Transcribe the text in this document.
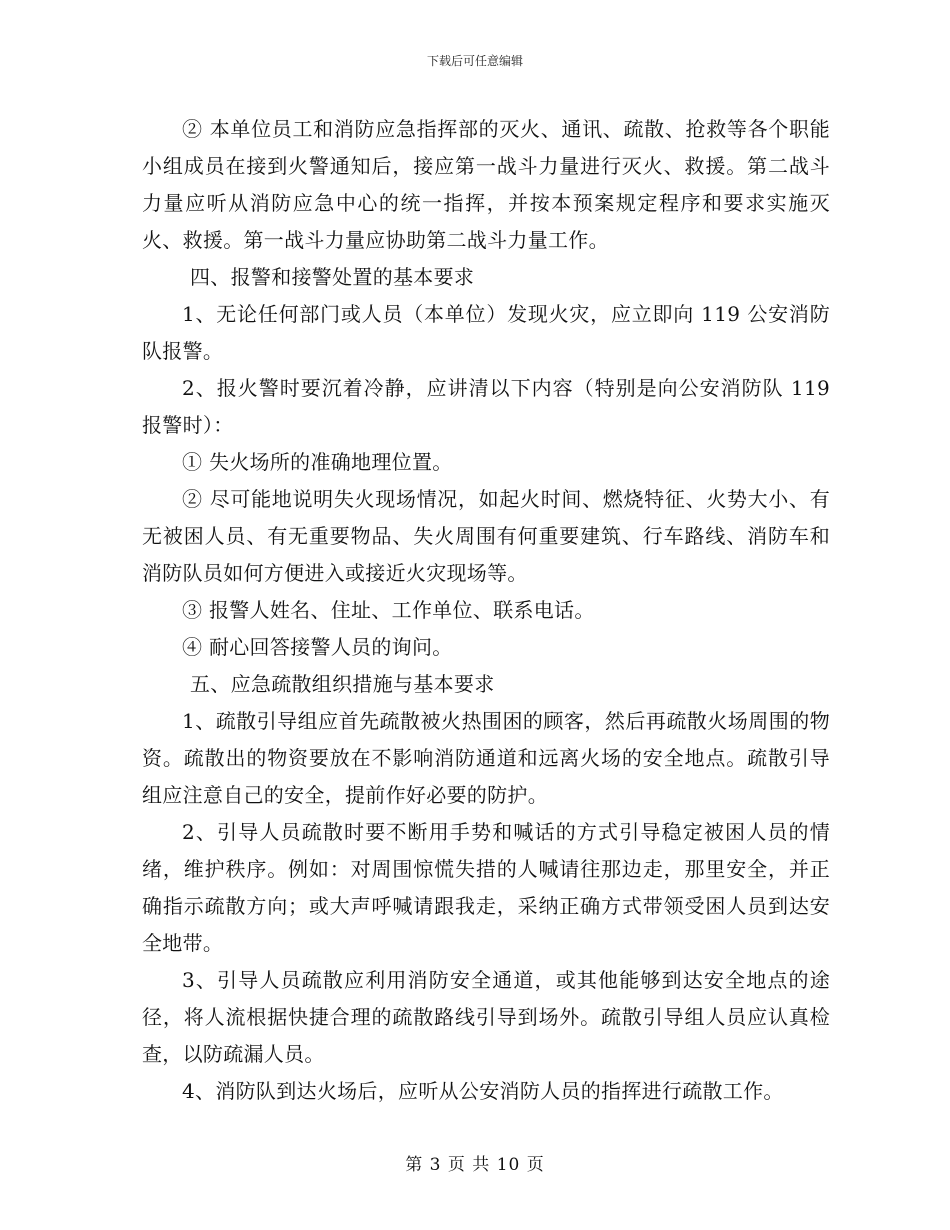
下载后可任意编辑

② 本单位员工和消防应急指挥部的灭火、通讯、疏散、抢救等各个职能小组成员在接到火警通知后，接应第一战斗力量进行灭火、救援。第二战斗力量应听从消防应急中心的统一指挥，并按本预案规定程序和要求实施灭火、救援。第一战斗力量应协助第二战斗力量工作。

四、报警和接警处置的基本要求

1、无论任何部门或人员（本单位）发现火灾，应立即向 119 公安消防队报警。

2、报火警时要沉着冷静，应讲清以下内容（特别是向公安消防队 119 报警时）：

① 失火场所的准确地理位置。

② 尽可能地说明失火现场情况，如起火时间、燃烧特征、火势大小、有无被困人员、有无重要物品、失火周围有何重要建筑、行车路线、消防车和消防队员如何方便进入或接近火灾现场等。

③ 报警人姓名、住址、工作单位、联系电话。

④ 耐心回答接警人员的询问。

五、应急疏散组织措施与基本要求

1、疏散引导组应首先疏散被火热围困的顾客，然后再疏散火场周围的物资。疏散出的物资要放在不影响消防通道和远离火场的安全地点。疏散引导组应注意自己的安全，提前作好必要的防护。

2、引导人员疏散时要不断用手势和喊话的方式引导稳定被困人员的情绪，维护秩序。例如：对周围惊慌失措的人喊请往那边走，那里安全，并正确指示疏散方向；或大声呼喊请跟我走，采纳正确方式带领受困人员到达安全地带。

3、引导人员疏散应利用消防安全通道，或其他能够到达安全地点的途径，将人流根据快捷合理的疏散路线引导到场外。疏散引导组人员应认真检查，以防疏漏人员。

4、消防队到达火场后，应听从公安消防人员的指挥进行疏散工作。

第 3 页 共 10 页
